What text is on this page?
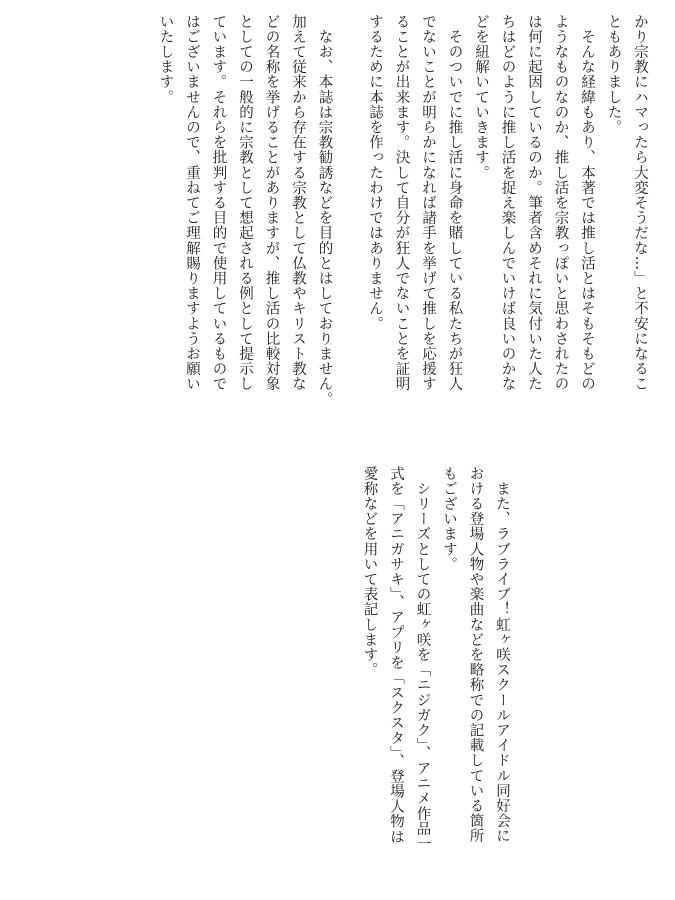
かり宗教にハマったら大変そうだな…」と不安になるこ

ともありました。

　そんな経緯もあり、本著では推し活とはそもそもどの

ようなものなのか、推し活を宗教っぽいと思わされたの

は何に起因しているのか。筆者含めそれに気付いた人た

ちはどのように推し活を捉え楽しんでいけば良いのかな

どを紐解いていきます。

　そのついでに推し活に身命を賭している私たちが狂人

でないことが明らかになれば諸手を挙げて推しを応援す

ることが出来ます。決して自分が狂人でないことを証明

するために本誌を作ったわけではありません。

　なお、本誌は宗教勧誘などを目的とはしておりません。

加えて従来から存在する宗教として仏教やキリスト教な

どの名称を挙げることがありますが、推し活の比較対象

としての一般的に宗教として想起される例として提示し

ています。それらを批判する目的で使用しているもので

はございませんので、重ねてご理解賜りますようお願い

いたします。

　また、ラブライブ！虹ヶ咲スクールアイドル同好会に

おける登場人物や楽曲などを略称での記載している箇所

もございます。

　シリーズとしての虹ヶ咲を「ニジガク」、アニメ作品一

式を「アニガサキ」、アプリを「スクスタ」、登場人物は

愛称などを用いて表記します。
